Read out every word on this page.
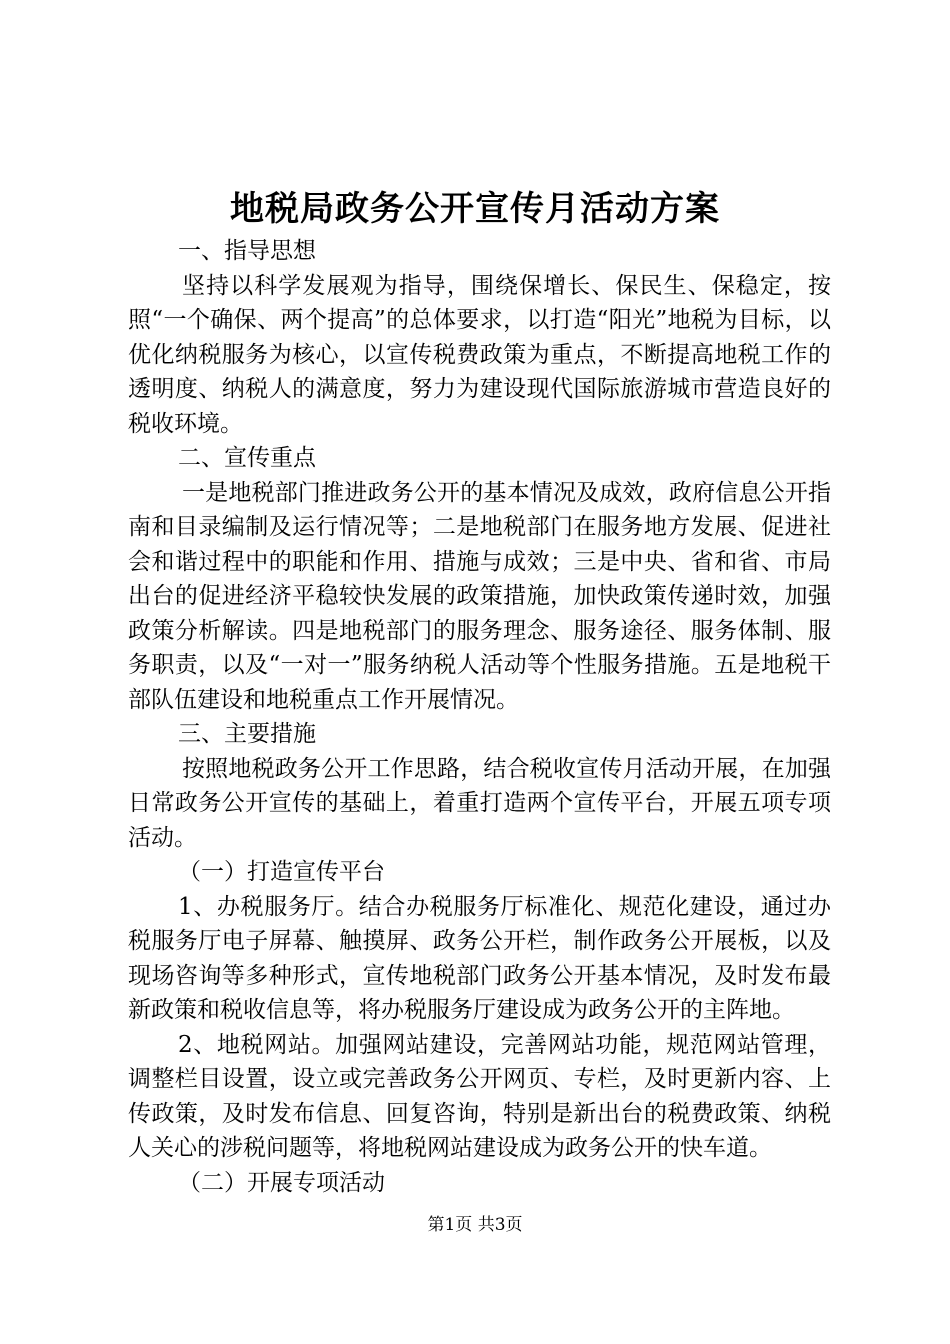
地税局政务公开宣传月活动方案

一、指导思想

坚持以科学发展观为指导，围绕保增长、保民生、保稳定，按照“一个确保、两个提高”的总体要求，以打造“阳光”地税为目标，以优化纳税服务为核心，以宣传税费政策为重点，不断提高地税工作的透明度、纳税人的满意度，努力为建设现代国际旅游城市营造良好的税收环境。

二、宣传重点

一是地税部门推进政务公开的基本情况及成效，政府信息公开指南和目录编制及运行情况等；二是地税部门在服务地方发展、促进社会和谐过程中的职能和作用、措施与成效；三是中央、省和省、市局出台的促进经济平稳较快发展的政策措施，加快政策传递时效，加强政策分析解读。四是地税部门的服务理念、服务途径、服务体制、服务职责，以及“一对一”服务纳税人活动等个性服务措施。五是地税干部队伍建设和地税重点工作开展情况。

三、主要措施

按照地税政务公开工作思路，结合税收宣传月活动开展，在加强日常政务公开宣传的基础上，着重打造两个宣传平台，开展五项专项活动。

（一）打造宣传平台

1、办税服务厅。结合办税服务厅标准化、规范化建设，通过办税服务厅电子屏幕、触摸屏、政务公开栏，制作政务公开展板，以及现场咨询等多种形式，宣传地税部门政务公开基本情况，及时发布最新政策和税收信息等，将办税服务厅建设成为政务公开的主阵地。

2、地税网站。加强网站建设，完善网站功能，规范网站管理，调整栏目设置，设立或完善政务公开网页、专栏，及时更新内容、上传政策，及时发布信息、回复咨询，特别是新出台的税费政策、纳税人关心的涉税问题等，将地税网站建设成为政务公开的快车道。

（二）开展专项活动

第1页 共3页
